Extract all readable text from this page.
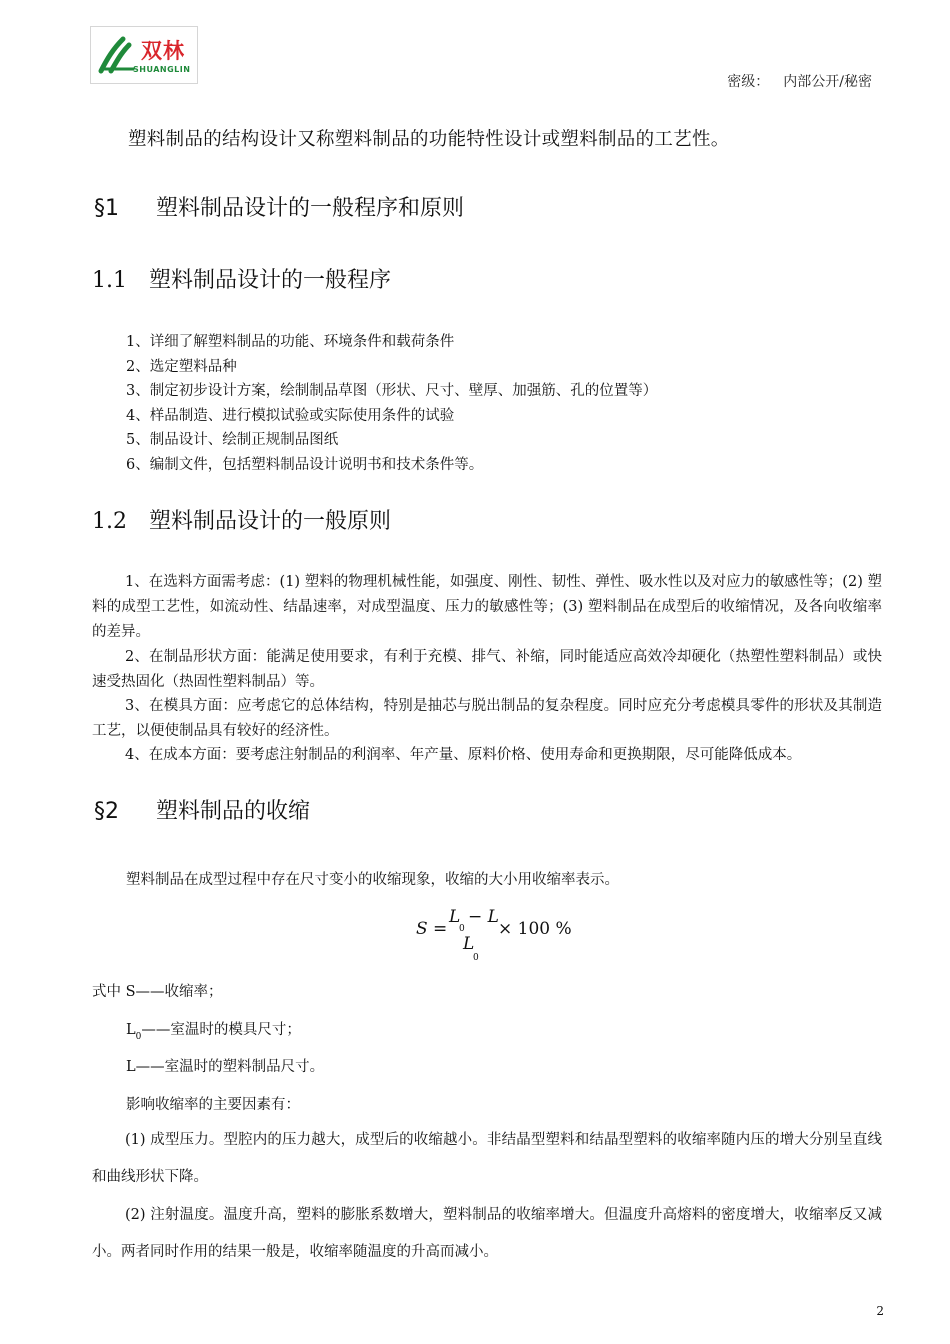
双林
SHUANGLIN
密级： 内部公开/秘密
塑料制品的结构设计又称塑料制品的功能特性设计或塑料制品的工艺性。
§1 塑料制品设计的一般程序和原则
1.1 塑料制品设计的一般程序
1、详细了解塑料制品的功能、环境条件和载荷条件
2、选定塑料品种
3、制定初步设计方案，绘制制品草图（形状、尺寸、壁厚、加强筋、孔的位置等）
4、样品制造、进行模拟试验或实际使用条件的试验
5、制品设计、绘制正规制品图纸
6、编制文件，包括塑料制品设计说明书和技术条件等。
1.2 塑料制品设计的一般原则
1、在选料方面需考虑：(1) 塑料的物理机械性能，如强度、刚性、韧性、弹性、吸水性以及对应力的敏感性等；(2) 塑料的成型工艺性，如流动性、结晶速率，对成型温度、压力的敏感性等；(3) 塑料制品在成型后的收缩情况，及各向收缩率的差异。
2、在制品形状方面：能满足使用要求，有利于充模、排气、补缩，同时能适应高效冷却硬化（热塑性塑料制品）或快速受热固化（热固性塑料制品）等。
3、在模具方面：应考虑它的总体结构，特别是抽芯与脱出制品的复杂程度。同时应充分考虑模具零件的形状及其制造工艺，以便使制品具有较好的经济性。
4、在成本方面：要考虑注射制品的利润率、年产量、原料价格、使用寿命和更换期限，尽可能降低成本。
§2 塑料制品的收缩
塑料制品在成型过程中存在尺寸变小的收缩现象，收缩的大小用收缩率表示。
S =
L
0
− L
× 100 %
L
0
式中 S——收缩率；
$L_0——$室温时的模具尺寸；
L——室温时的塑料制品尺寸。
影响收缩率的主要因素有：
(1) 成型压力。型腔内的压力越大，成型后的收缩越小。非结晶型塑料和结晶型塑料的收缩率随内压的增大分别呈直线和曲线形状下降。
(2) 注射温度。温度升高，塑料的膨胀系数增大，塑料制品的收缩率增大。但温度升高熔料的密度增大，收缩率反又减小。两者同时作用的结果一般是，收缩率随温度的升高而减小。
2
